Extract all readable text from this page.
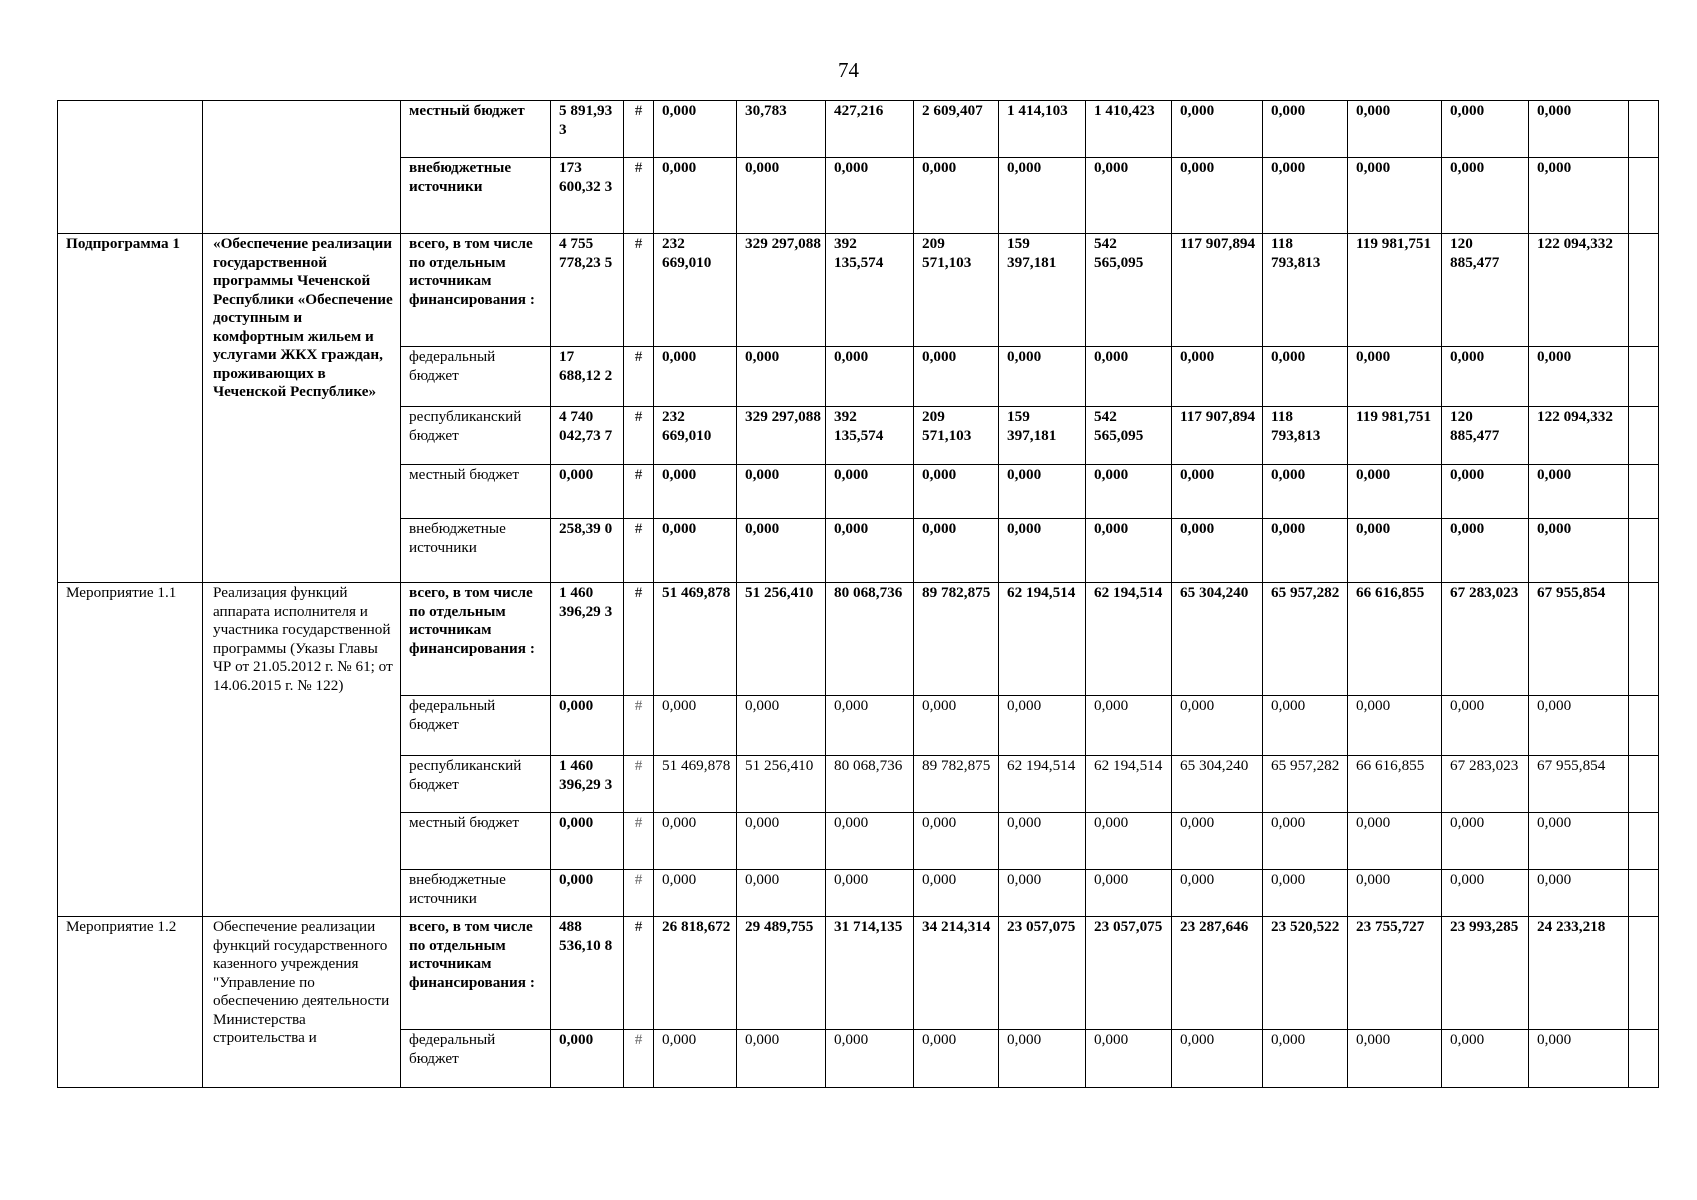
74
		местный бюджет	5 891,93 3	#	0,000	30,783	427,216	2 609,407	1 414,103	1 410,423	0,000	0,000	0,000	0,000	0,000	
		внебюджетные источники	173 600,32 3	#	0,000	0,000	0,000	0,000	0,000	0,000	0,000	0,000	0,000	0,000	0,000	
Подпрограмма 1	«Обеспечение реализации государственной программы Чеченской Республики «Обеспечение доступным и комфортным жильем и услугами ЖКХ граждан, проживающих в Чеченской Республике»	всего, в том числе по отдельным источникам финансирования :	4 755 778,23 5	#	232 669,010	329 297,088	392 135,574	209 571,103	159 397,181	542 565,095	117 907,894	118 793,813	119 981,751	120 885,477	122 094,332	
		федеральный бюджет	17 688,12 2	#	0,000	0,000	0,000	0,000	0,000	0,000	0,000	0,000	0,000	0,000	0,000	
		республиканский бюджет	4 740 042,73 7	#	232 669,010	329 297,088	392 135,574	209 571,103	159 397,181	542 565,095	117 907,894	118 793,813	119 981,751	120 885,477	122 094,332	
		местный бюджет	0,000	#	0,000	0,000	0,000	0,000	0,000	0,000	0,000	0,000	0,000	0,000	0,000	
		внебюджетные источники	258,39 0	#	0,000	0,000	0,000	0,000	0,000	0,000	0,000	0,000	0,000	0,000	0,000	
Мероприятие 1.1	Реализация функций аппарата исполнителя и участника государственной программы (Указы Главы ЧР от 21.05.2012 г. № 61; от 14.06.2015 г. № 122)	всего, в том числе по отдельным источникам финансирования :	1 460 396,29 3	#	51 469,878	51 256,410	80 068,736	89 782,875	62 194,514	62 194,514	65 304,240	65 957,282	66 616,855	67 283,023	67 955,854	
		федеральный бюджет	0,000	#	0,000	0,000	0,000	0,000	0,000	0,000	0,000	0,000	0,000	0,000	0,000	
		республиканский бюджет	1 460 396,29 3	#	51 469,878	51 256,410	80 068,736	89 782,875	62 194,514	62 194,514	65 304,240	65 957,282	66 616,855	67 283,023	67 955,854	
		местный бюджет	0,000	#	0,000	0,000	0,000	0,000	0,000	0,000	0,000	0,000	0,000	0,000	0,000	
		внебюджетные источники	0,000	#	0,000	0,000	0,000	0,000	0,000	0,000	0,000	0,000	0,000	0,000	0,000	
Мероприятие 1.2	Обеспечение реализации функций государственного казенного учреждения "Управление по обеспечению деятельности Министерства строительства и	всего, в том числе по отдельным источникам финансирования :	488 536,10 8	#	26 818,672	29 489,755	31 714,135	34 214,314	23 057,075	23 057,075	23 287,646	23 520,522	23 755,727	23 993,285	24 233,218	
		федеральный бюджет	0,000	#	0,000	0,000	0,000	0,000	0,000	0,000	0,000	0,000	0,000	0,000	0,000	
